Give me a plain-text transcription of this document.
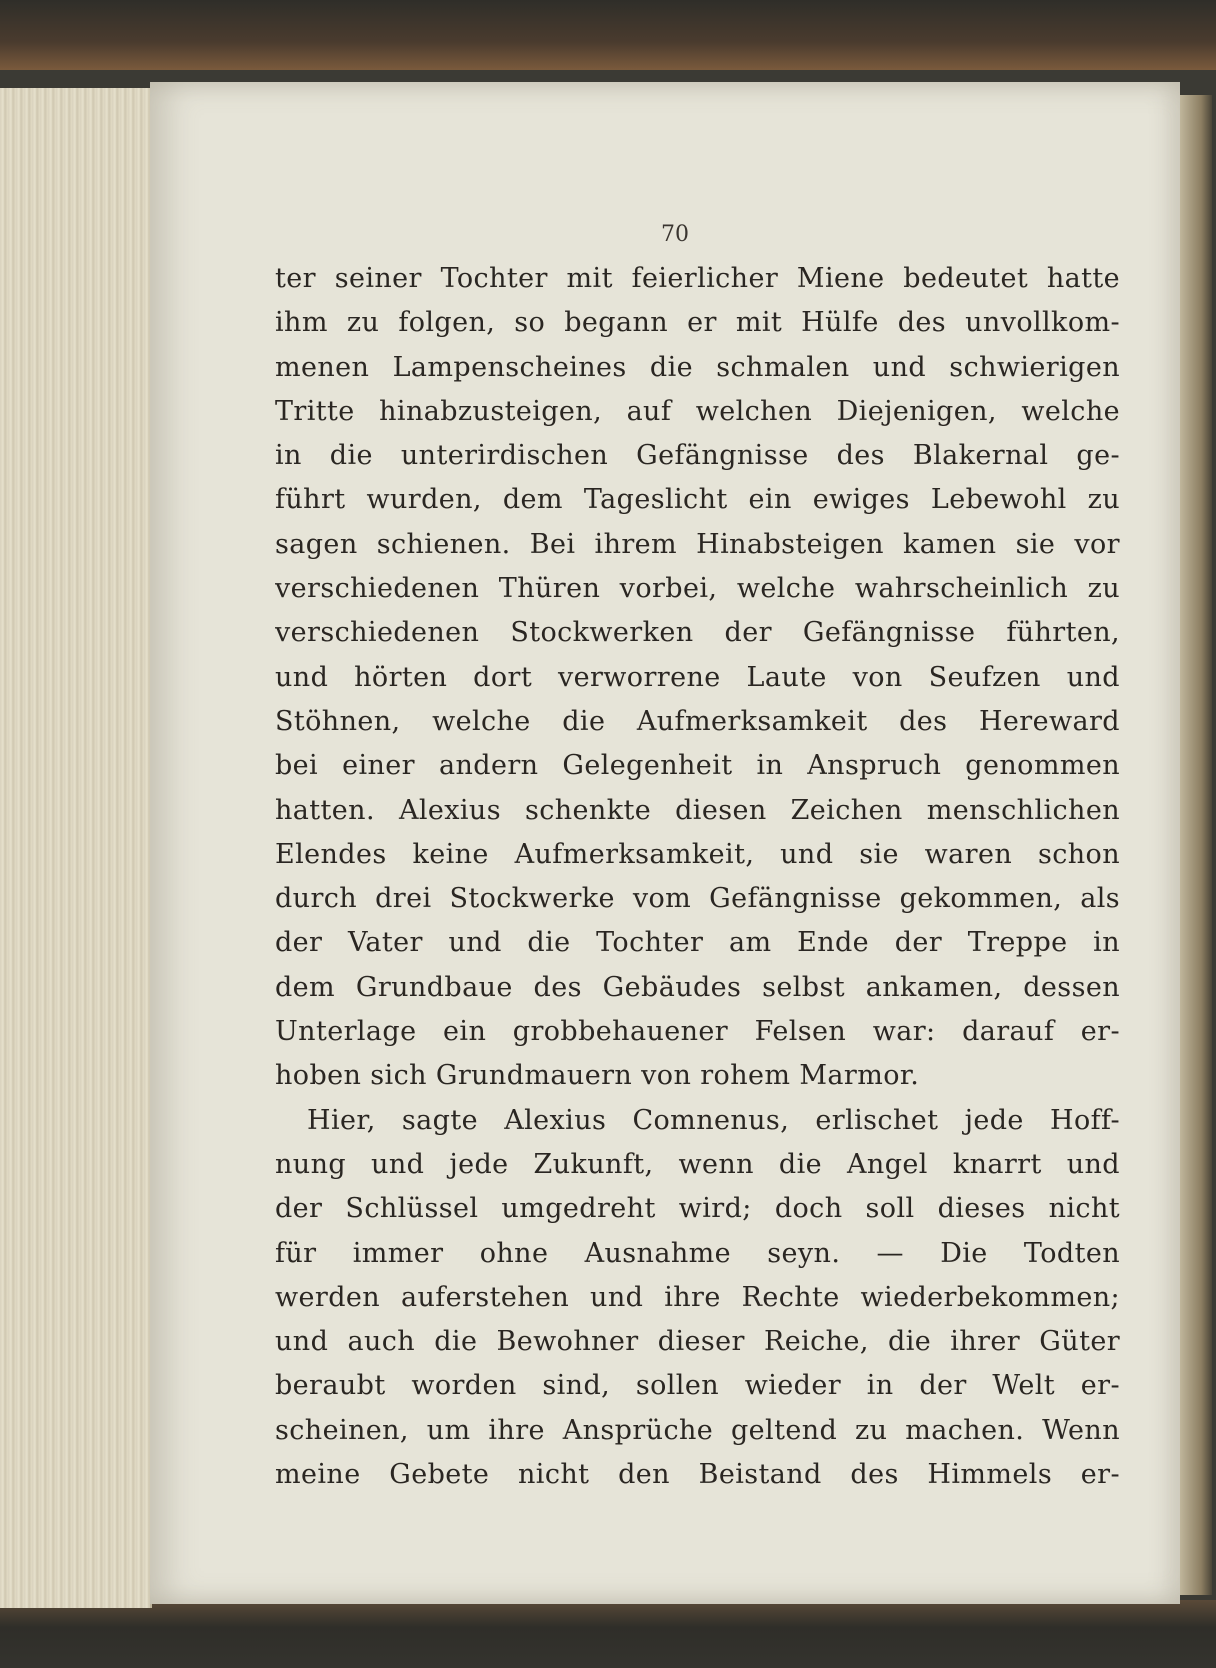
70
ter seiner Tochter mit feierlicher Miene bedeutet hatte
ihm zu folgen, so begann er mit Hülfe des unvollkom-
menen Lampenscheines die schmalen und schwierigen
Tritte hinabzusteigen, auf welchen Diejenigen, welche
in die unterirdischen Gefängnisse des Blakernal ge-
führt wurden, dem Tageslicht ein ewiges Lebewohl zu
sagen schienen. Bei ihrem Hinabsteigen kamen sie vor
verschiedenen Thüren vorbei, welche wahrscheinlich zu
verschiedenen Stockwerken der Gefängnisse führten,
und hörten dort verworrene Laute von Seufzen und
Stöhnen, welche die Aufmerksamkeit des Hereward
bei einer andern Gelegenheit in Anspruch genommen
hatten. Alexius schenkte diesen Zeichen menschlichen
Elendes keine Aufmerksamkeit, und sie waren schon
durch drei Stockwerke vom Gefängnisse gekommen, als
der Vater und die Tochter am Ende der Treppe in
dem Grundbaue des Gebäudes selbst ankamen, dessen
Unterlage ein grobbehauener Felsen war: darauf er-
hoben sich Grundmauern von rohem Marmor.
Hier, sagte Alexius Comnenus, erlischet jede Hoff-
nung und jede Zukunft, wenn die Angel knarrt und
der Schlüssel umgedreht wird; doch soll dieses nicht
für immer ohne Ausnahme seyn. — Die Todten
werden auferstehen und ihre Rechte wiederbekommen;
und auch die Bewohner dieser Reiche, die ihrer Güter
beraubt worden sind, sollen wieder in der Welt er-
scheinen, um ihre Ansprüche geltend zu machen. Wenn
meine Gebete nicht den Beistand des Himmels er-
